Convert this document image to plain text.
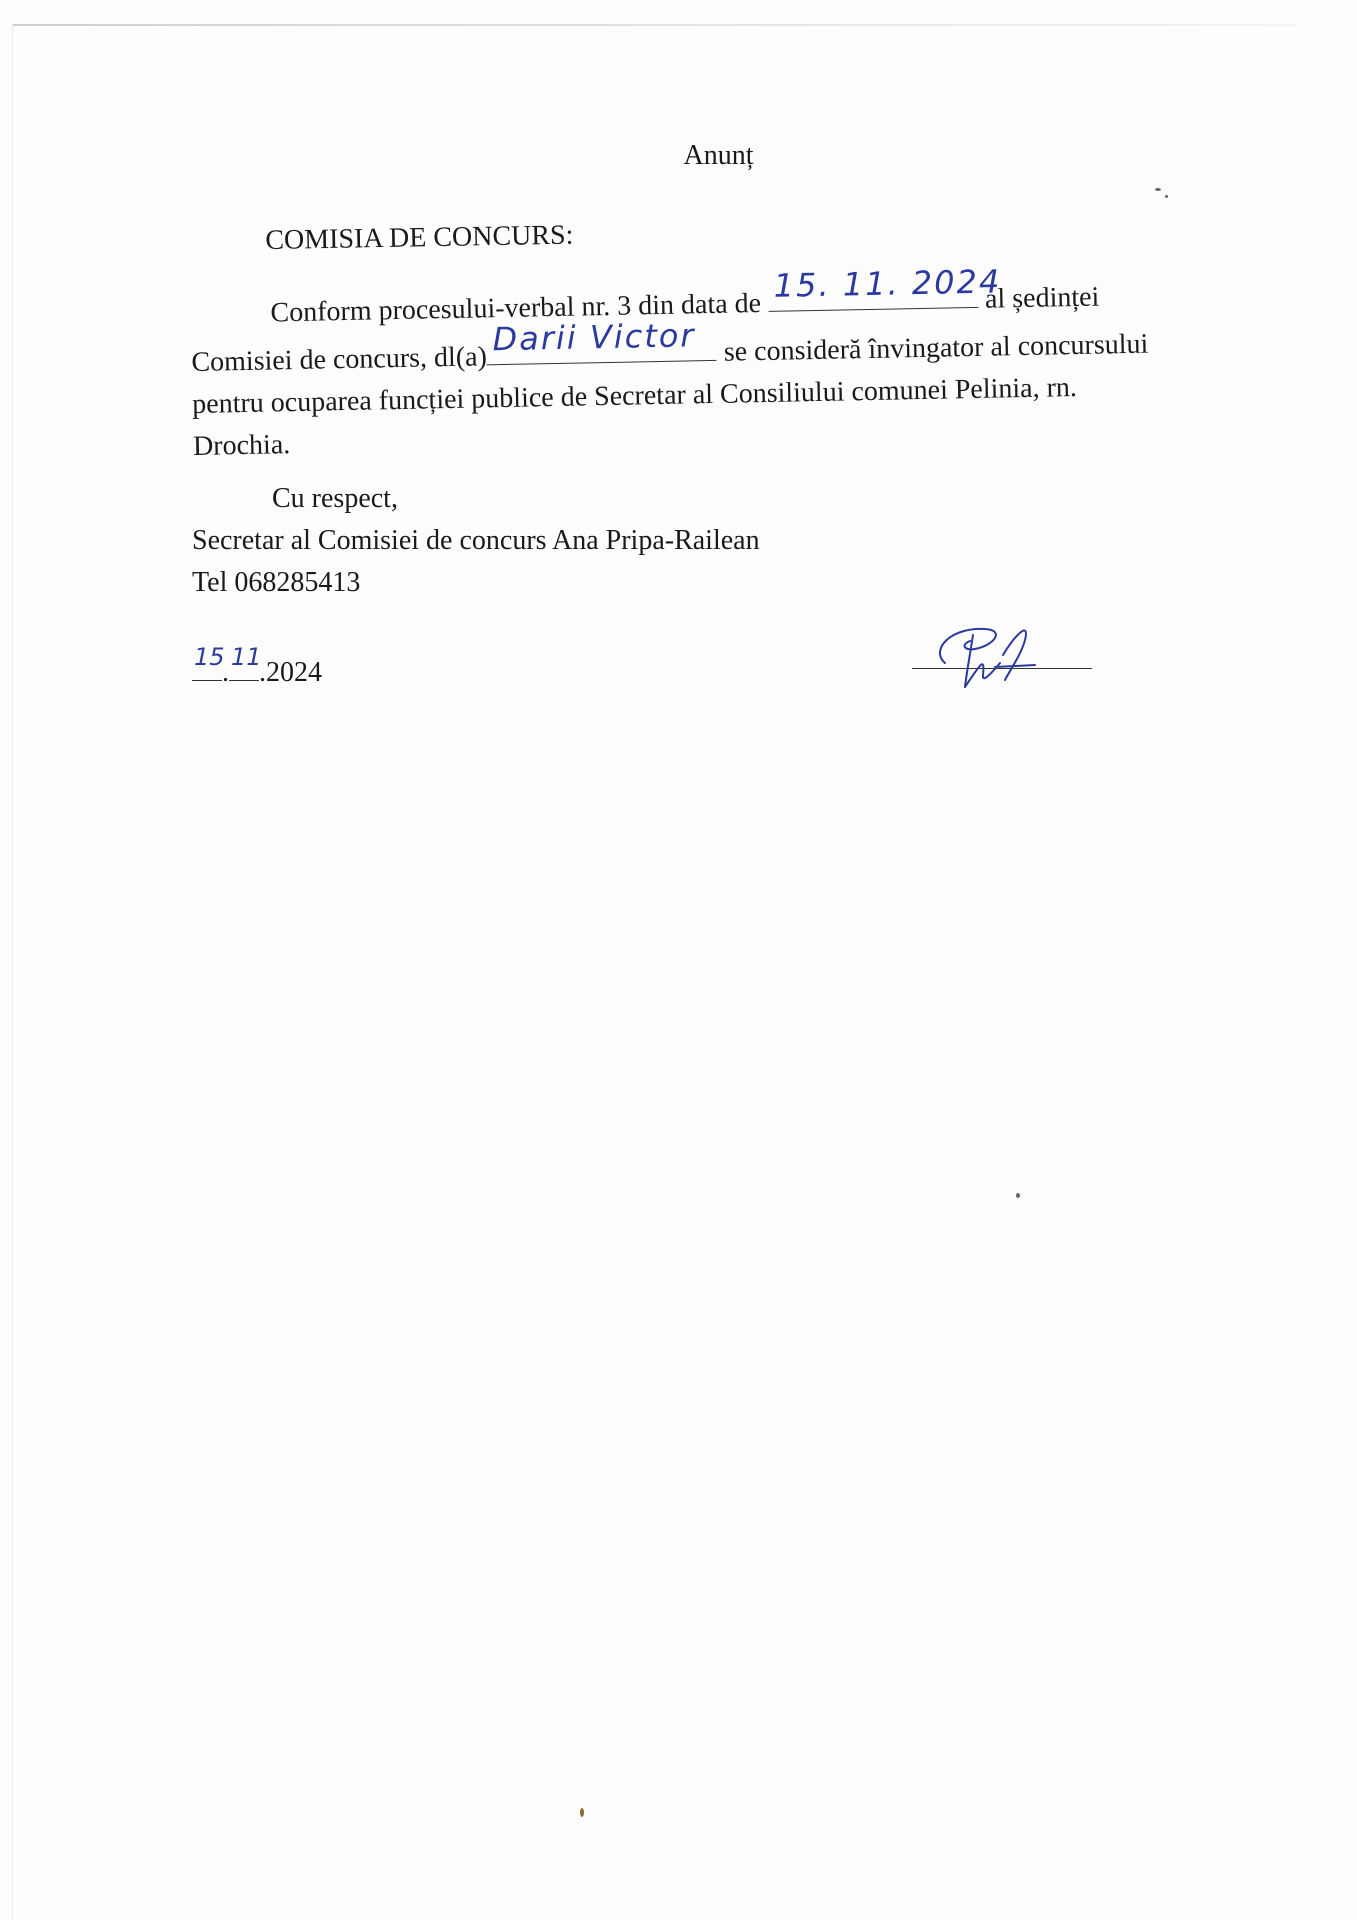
Anunț
COMISIA DE CONCURS:
Conform procesului-verbal nr. 3 din data de
15. 11. 2024
al ședinței
Comisiei de concurs, dl(a)
Darii Victor se consideră învingator al concursului
pentru ocuparea funcției publice de Secretar al Consiliului comunei Pelinia, rn.
Drochia.
Cu respect,
Secretar al Comisiei de concurs Ana Pripa-Railean
Tel 068285413
15
. 11
.2024
